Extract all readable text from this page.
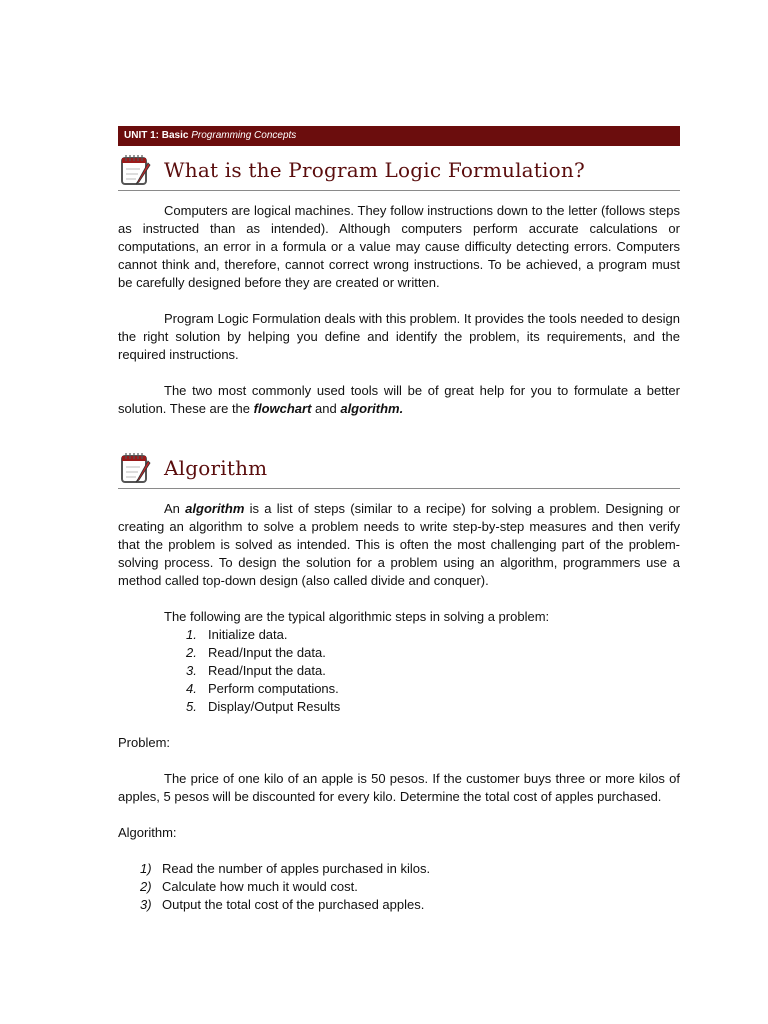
UNIT 1: Basic Programming Concepts
What is the Program Logic Formulation?

Computers are logical machines. They follow instructions down to the letter (follows steps as instructed than as intended). Although computers perform accurate calculations or computations, an error in a formula or a value may cause difficulty detecting errors. Computers cannot think and, therefore, cannot correct wrong instructions. To be achieved, a program must be carefully designed before they are created or written.

Program Logic Formulation deals with this problem. It provides the tools needed to design the right solution by helping you define and identify the problem, its requirements, and the required instructions.

The two most commonly used tools will be of great help for you to formulate a better solution. These are the flowchart and algorithm.

Algorithm

An algorithm is a list of steps (similar to a recipe) for solving a problem. Designing or creating an algorithm to solve a problem needs to write step-by-step measures and then verify that the problem is solved as intended. This is often the most challenging part of the problem-solving process. To design the solution for a problem using an algorithm, programmers use a method called top-down design (also called divide and conquer).

The following are the typical algorithmic steps in solving a problem:

1. Initialize data.
2. Read/Input the data.
3. Read/Input the data.
4. Perform computations.
5. Display/Output Results

Problem:

The price of one kilo of an apple is 50 pesos. If the customer buys three or more kilos of apples, 5 pesos will be discounted for every kilo. Determine the total cost of apples purchased.

Algorithm:

1) Read the number of apples purchased in kilos.
2) Calculate how much it would cost.
3) Output the total cost of the purchased apples.
